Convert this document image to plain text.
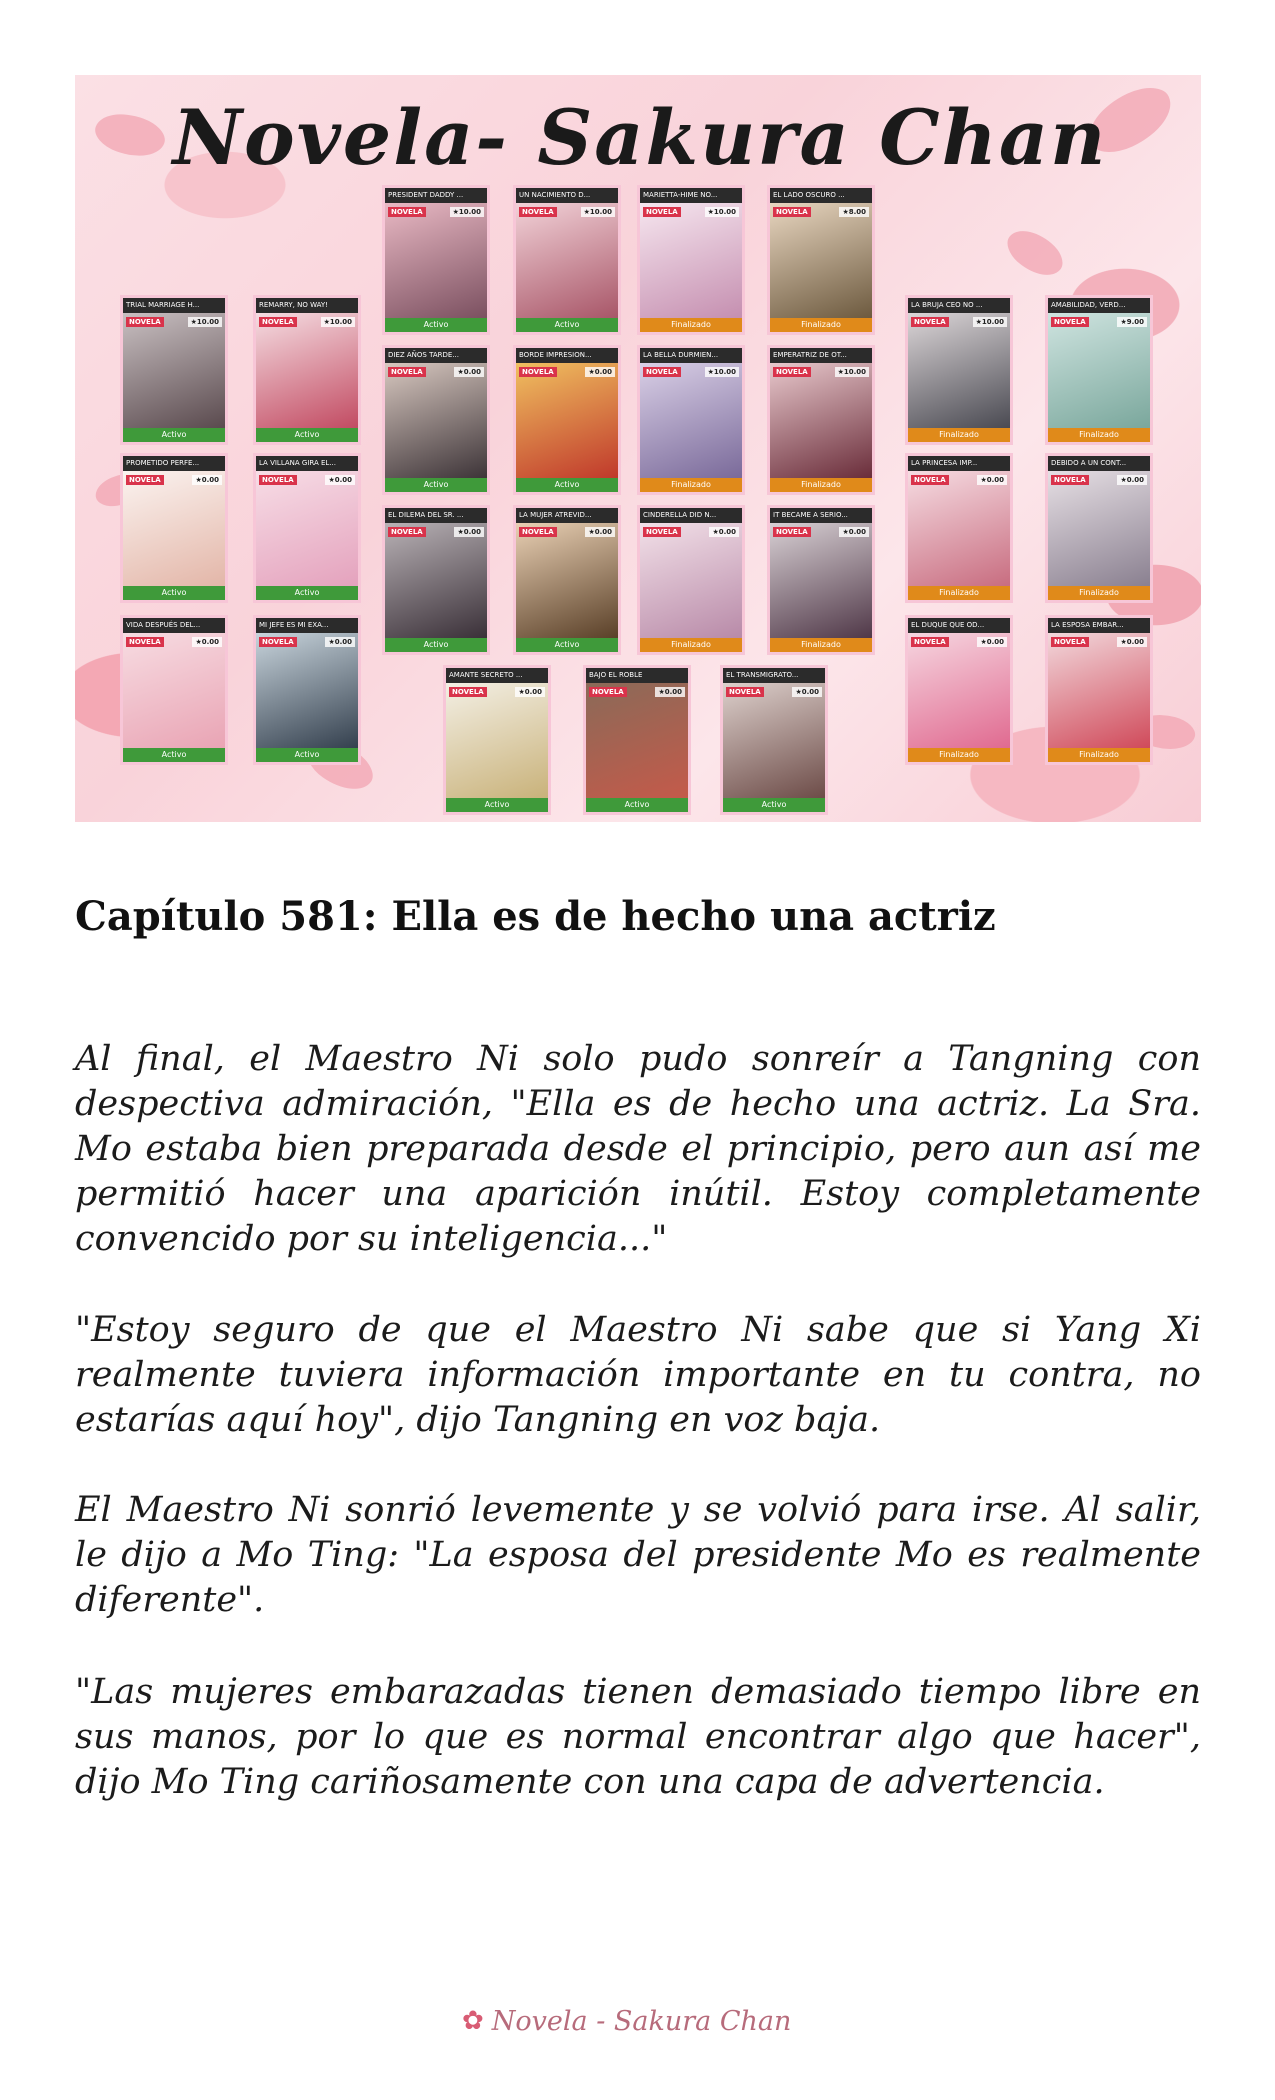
Novela- Sakura Chan
PRESIDENT DADDY ...
NOVELA	★10.00
Activo
UN NACIMIENTO D...
NOVELA	★10.00
Activo
MARIETTA-HIME NO...
NOVELA	★10.00
Finalizado
EL LADO OSCURO ...
NOVELA	★8.00
Finalizado
TRIAL MARRIAGE H...
NOVELA	★10.00
Activo
REMARRY, NO WAY!
NOVELA	★10.00
Activo
DIEZ AÑOS TARDE...
NOVELA	★0.00
Activo
BORDE IMPRESION...
NOVELA	★0.00
Activo
LA BELLA DURMIEN...
NOVELA	★10.00
Finalizado
EMPERATRIZ DE OT...
NOVELA	★10.00
Finalizado
LA BRUJA CEO NO ...
NOVELA	★10.00
Finalizado
AMABILIDAD, VERD...
NOVELA	★9.00
Finalizado
PROMETIDO PERFE...
NOVELA	★0.00
Activo
LA VILLANA GIRA EL...
NOVELA	★0.00
Activo
EL DILEMA DEL SR. ...
NOVELA	★0.00
Activo
LA MUJER ATREVID...
NOVELA	★0.00
Activo
CINDERELLA DID N...
NOVELA	★0.00
Finalizado
IT BECAME A SERIO...
NOVELA	★0.00
Finalizado
LA PRINCESA IMP...
NOVELA	★0.00
Finalizado
DEBIDO A UN CONT...
NOVELA	★0.00
Finalizado
VIDA DESPUÉS DEL...
NOVELA	★0.00
Activo
MI JEFE ES MI EXA...
NOVELA	★0.00
Activo
AMANTE SECRETO ...
NOVELA	★0.00
Activo
BAJO EL ROBLE
NOVELA	★0.00
Activo
EL TRANSMIGRATO...
NOVELA	★0.00
Activo
EL DUQUE QUE OD...
NOVELA	★0.00
Finalizado
LA ESPOSA EMBAR...
NOVELA	★0.00
Finalizado
Capítulo 581: Ella es de hecho una actriz

Al final, el Maestro Ni solo pudo sonreír a Tangning con despectiva admiración, "Ella es de hecho una actriz. La Sra. Mo estaba bien preparada desde el principio, pero aun así me permitió hacer una aparición inútil. Estoy completamente convencido por su inteligencia..."

"Estoy seguro de que el Maestro Ni sabe que si Yang Xi realmente tuviera información importante en tu contra, no estarías aquí hoy", dijo Tangning en voz baja.

El Maestro Ni sonrió levemente y se volvió para irse. Al salir, le dijo a Mo Ting: "La esposa del presidente Mo es realmente diferente".

"Las mujeres embarazadas tienen demasiado tiempo libre en sus manos, por lo que es normal encontrar algo que hacer", dijo Mo Ting cariñosamente con una capa de advertencia.

✿ Novela - Sakura Chan
